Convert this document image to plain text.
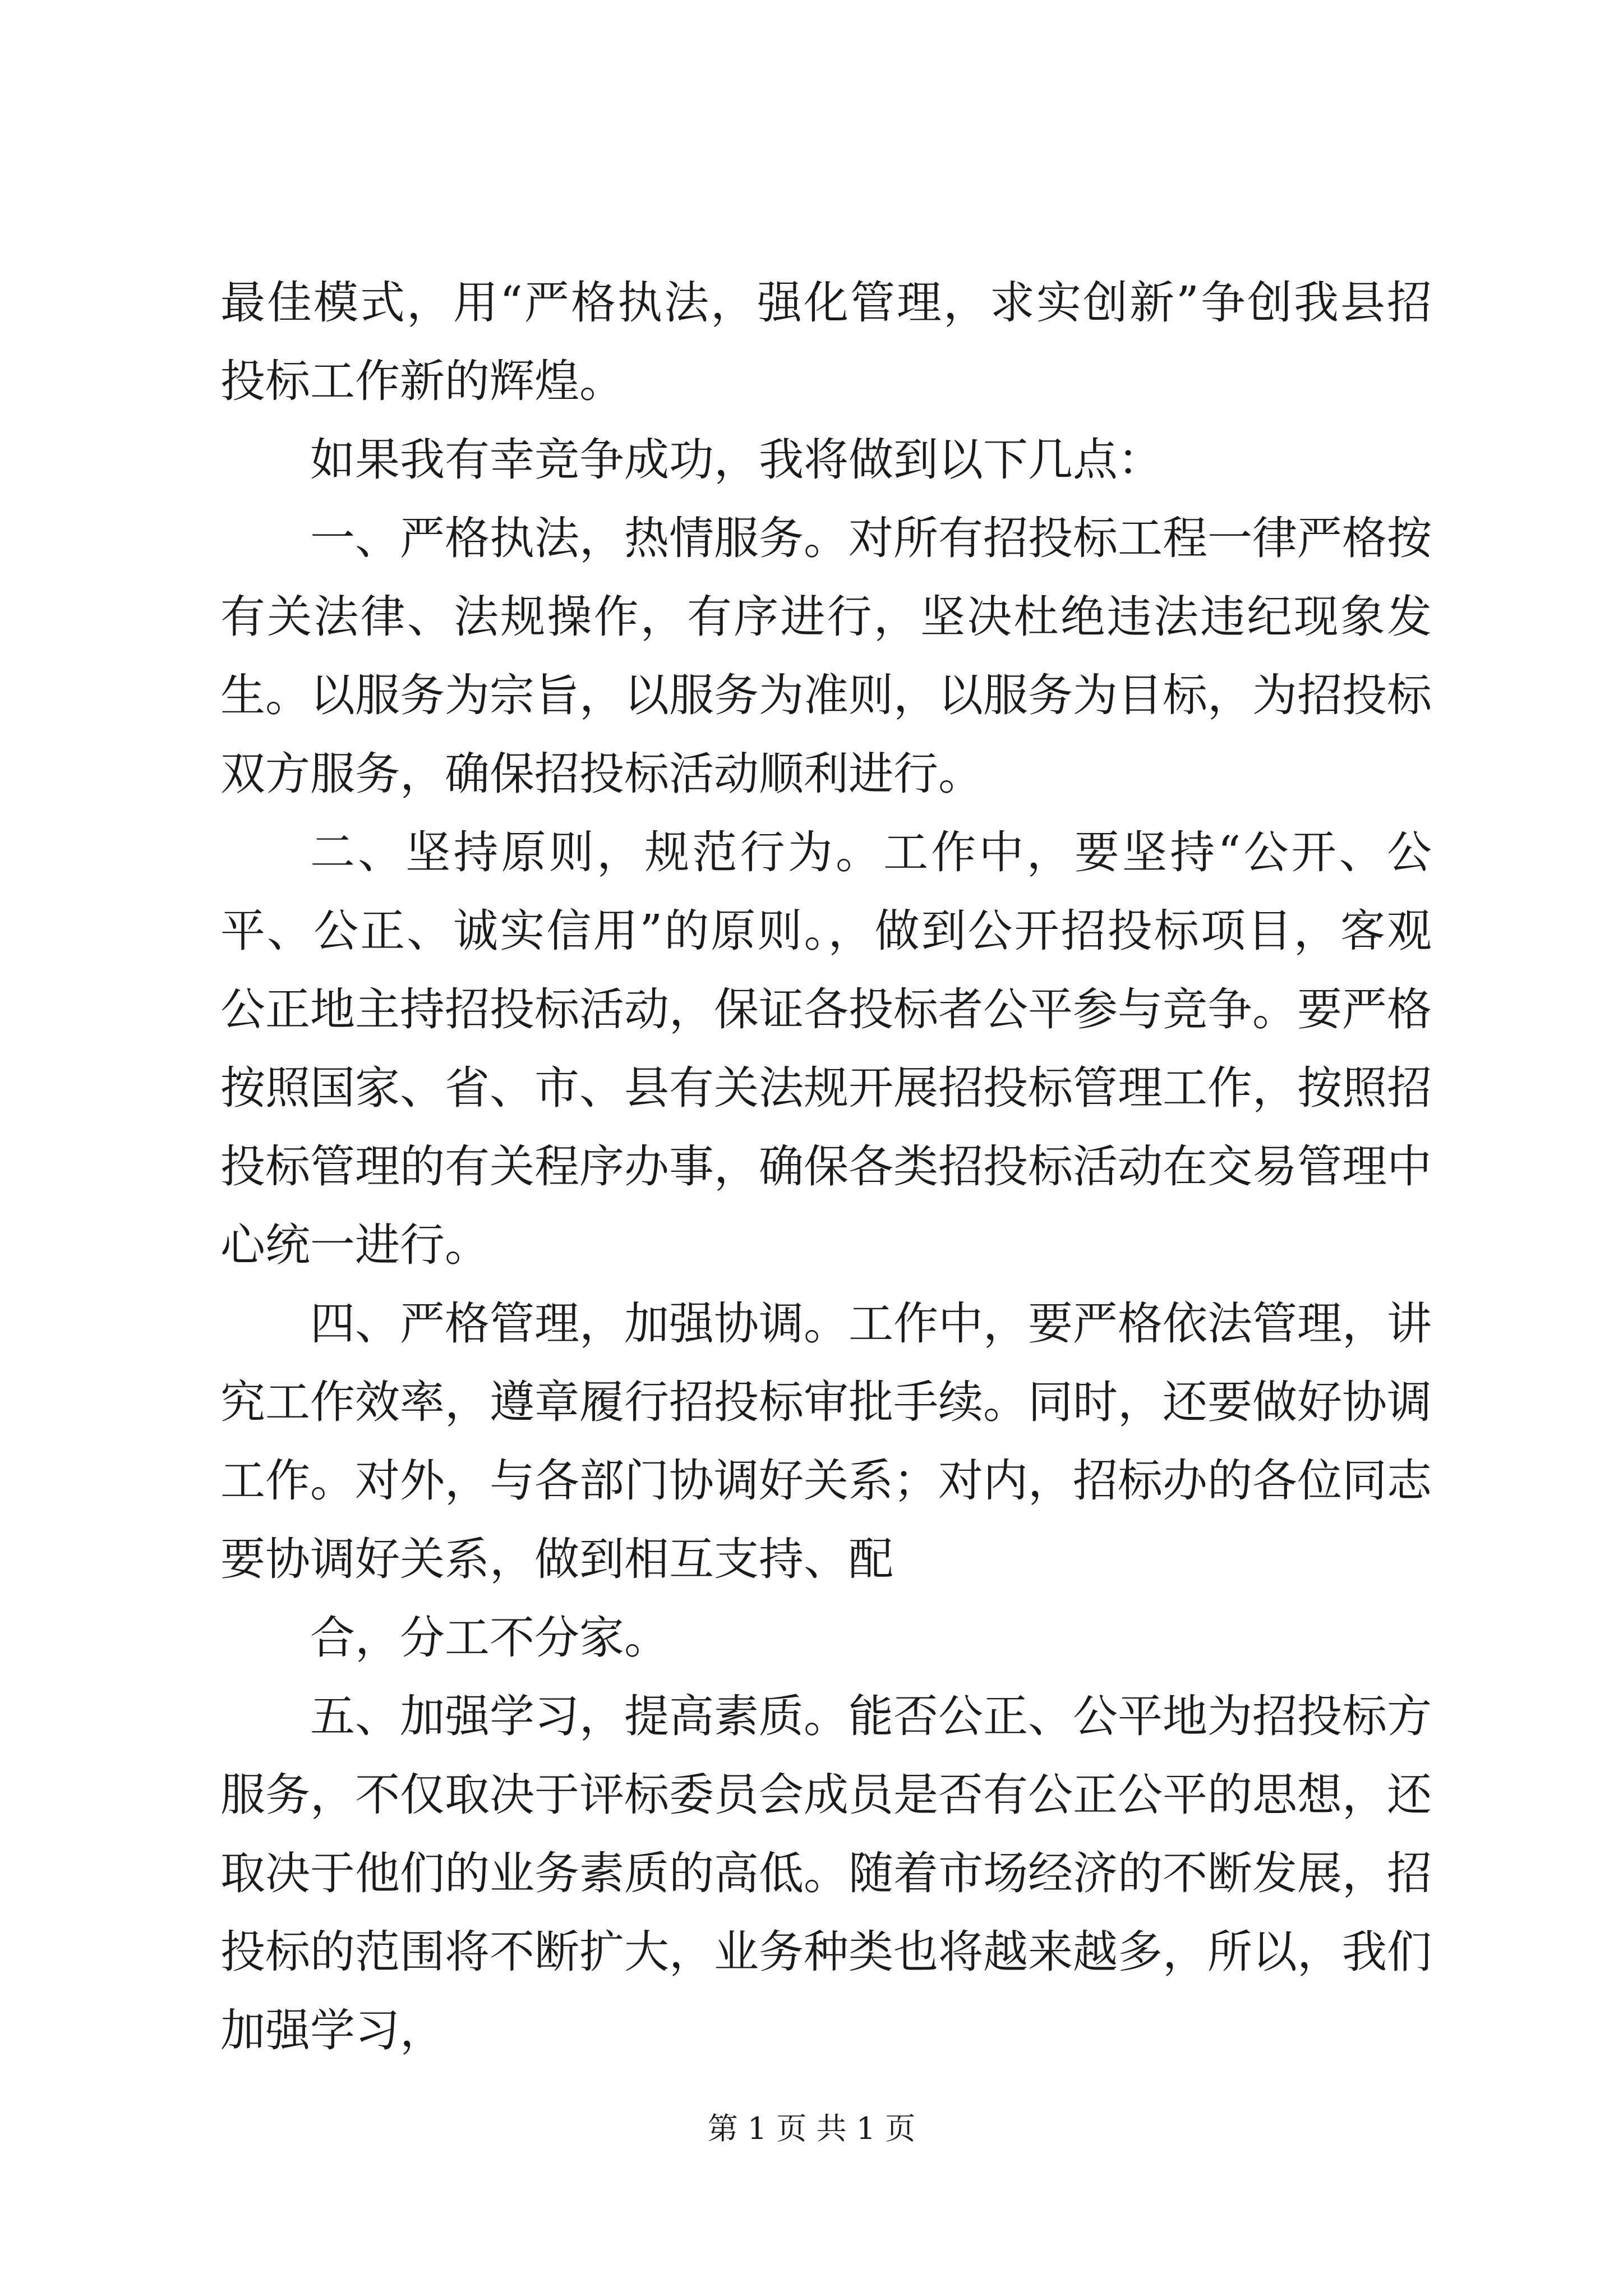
最佳模式，用“严格执法，强化管理，求实创新”争创我县招投标工作新的辉煌。

如果我有幸竞争成功，我将做到以下几点：

一、严格执法，热情服务。对所有招投标工程一律严格按有关法律、法规操作，有序进行，坚决杜绝违法违纪现象发生。以服务为宗旨，以服务为准则，以服务为目标，为招投标双方服务，确保招投标活动顺利进行。

二、坚持原则，规范行为。工作中，要坚持“公开、公平、公正、诚实信用”的原则。，做到公开招投标项目，客观公正地主持招投标活动，保证各投标者公平参与竞争。要严格按照国家、省、市、县有关法规开展招投标管理工作，按照招投标管理的有关程序办事，确保各类招投标活动在交易管理中心统一进行。

四、严格管理，加强协调。工作中，要严格依法管理，讲究工作效率，遵章履行招投标审批手续。同时，还要做好协调工作。对外，与各部门协调好关系；对内，招标办的各位同志要协调好关系，做到相互支持、配

合，分工不分家。

五、加强学习，提高素质。能否公正、公平地为招投标方服务，不仅取决于评标委员会成员是否有公正公平的思想，还取决于他们的业务素质的高低。随着市场经济的不断发展，招投标的范围将不断扩大，业务种类也将越来越多，所以，我们加强学习，

第 1 页 共 1 页
